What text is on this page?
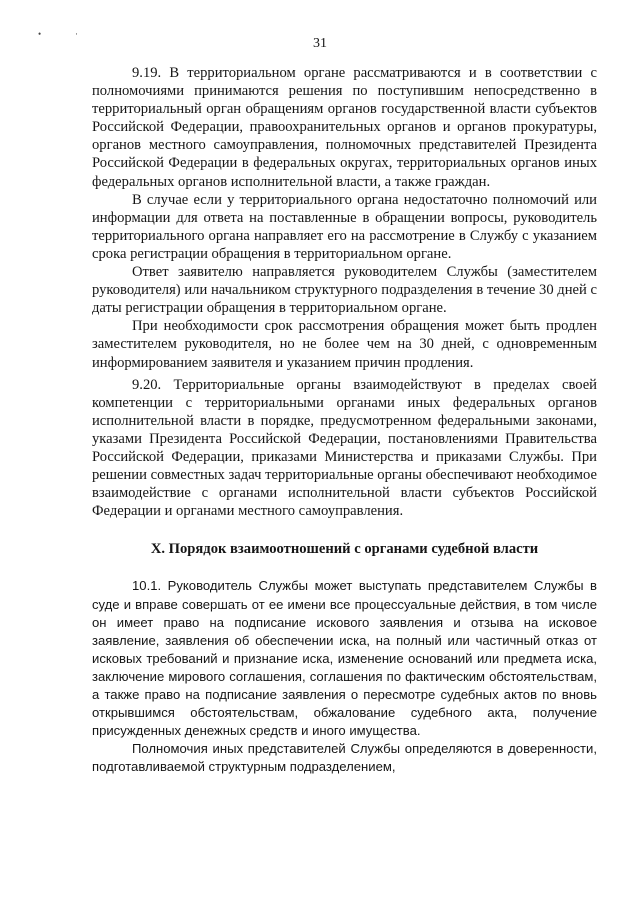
•	·
31

9.19. В территориальном органе рассматриваются и в соответствии с полномочиями принимаются решения по поступившим непосредственно в территориальный орган обращениям органов государственной власти субъектов Российской Федерации, правоохранительных органов и органов прокуратуры, органов местного самоуправления, полномочных представителей Президента Российской Федерации в федеральных округах, территориальных органов иных федеральных органов исполнительной власти, а также граждан.

В случае если у территориального органа недостаточно полномочий или информации для ответа на поставленные в обращении вопросы, руководитель территориального органа направляет его на рассмотрение в Службу с указанием срока регистрации обращения в территориальном органе.

Ответ заявителю направляется руководителем Службы (заместителем руководителя) или начальником структурного подразделения в течение 30 дней с даты регистрации обращения в территориальном органе.

При необходимости срок рассмотрения обращения может быть продлен заместителем руководителя, но не более чем на 30 дней, с одновременным информированием заявителя и указанием причин продления.

9.20. Территориальные органы взаимодействуют в пределах своей компетенции с территориальными органами иных федеральных органов исполнительной власти в порядке, предусмотренном федеральными законами, указами Президента Российской Федерации, постановлениями Правительства Российской Федерации, приказами Министерства и приказами Службы. При решении совместных задач территориальные органы обеспечивают необходимое взаимодействие с органами исполнительной власти субъектов Российской Федерации и органами местного самоуправления.

X. Порядок взаимоотношений с органами судебной власти

10.1. Руководитель Службы может выступать представителем Службы в суде и вправе совершать от ее имени все процессуальные действия, в том числе он имеет право на подписание искового заявления и отзыва на исковое заявление, заявления об обеспечении иска, на полный или частичный отказ от исковых требований и признание иска, изменение оснований или предмета иска, заключение мирового соглашения, соглашения по фактическим обстоятельствам, а также право на подписание заявления о пересмотре судебных актов по вновь открывшимся обстоятельствам, обжалование судебного акта, получение присужденных денежных средств и иного имущества.

Полномочия иных представителей Службы определяются в доверенности, подготавливаемой структурным подразделением,
